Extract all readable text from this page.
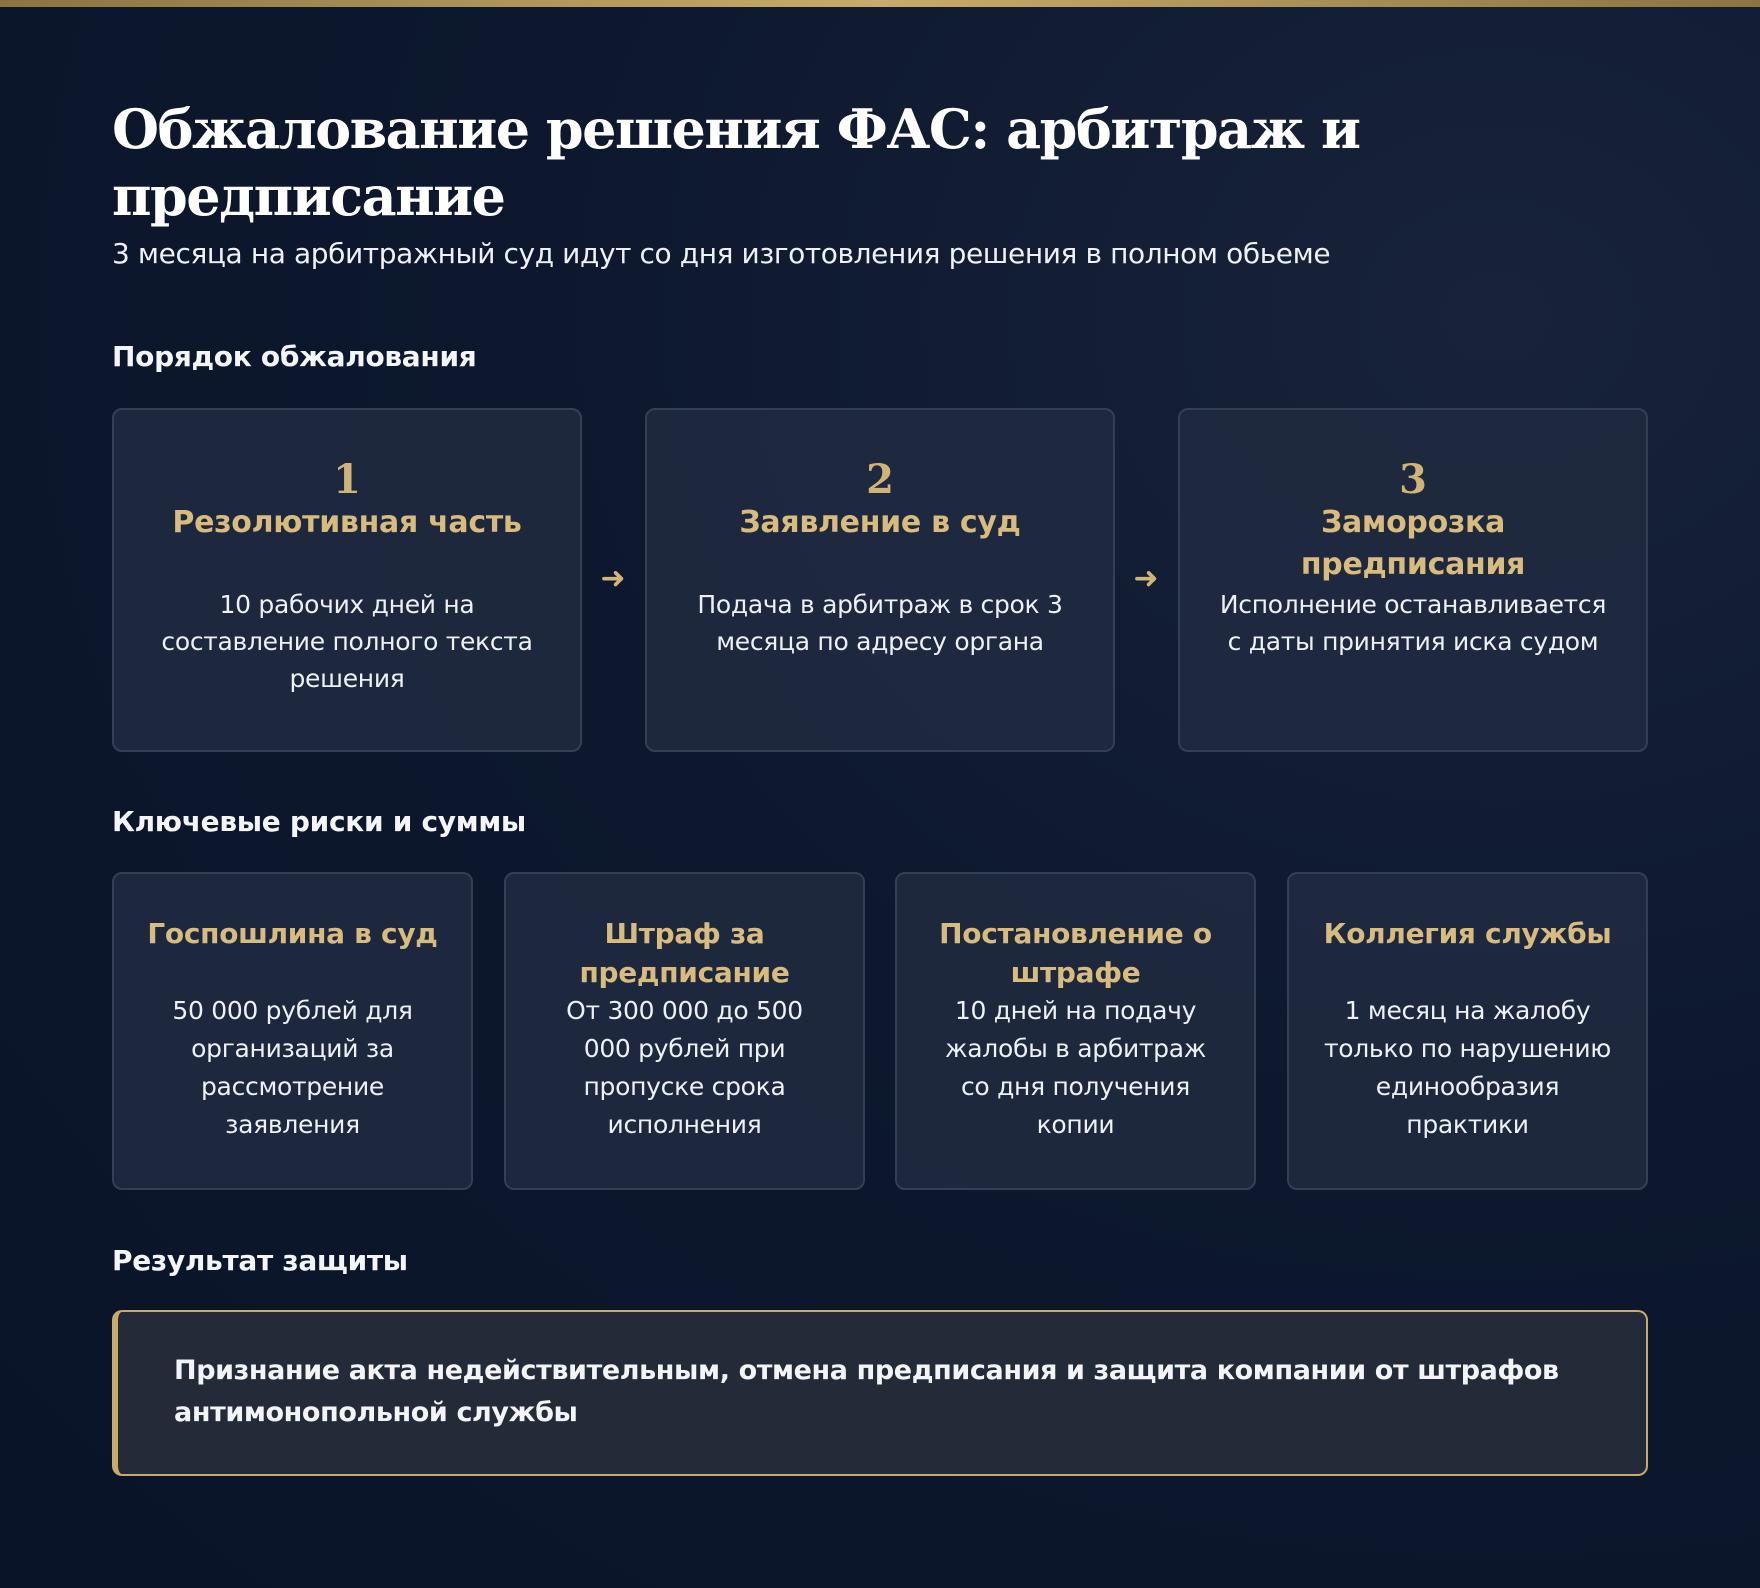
Обжалование решения ФАС: арбитраж и предписание
3 месяца на арбитражный суд идут со дня изготовления решения в полном обьеме
Порядок обжалования
1
Резолютивная часть
10 рабочих дней на составление полного текста решения
➜
2
Заявление в суд
Подача в арбитраж в срок 3 месяца по адресу органа
➜
3
Заморозка предписания
Исполнение останавливается с даты принятия иска судом
Ключевые риски и суммы
Госпошлина в суд
50 000 рублей для организаций за рассмотрение заявления
Штраф за предписание
От 300 000 до 500 000 рублей при пропуске срока исполнения
Постановление о штрафе
10 дней на подачу жалобы в арбитраж со дня получения копии
Коллегия службы
1 месяц на жалобу только по нарушению единообразия практики
Результат защиты
Признание акта недействительным, отмена предписания и защита компании от штрафов антимонопольной службы
